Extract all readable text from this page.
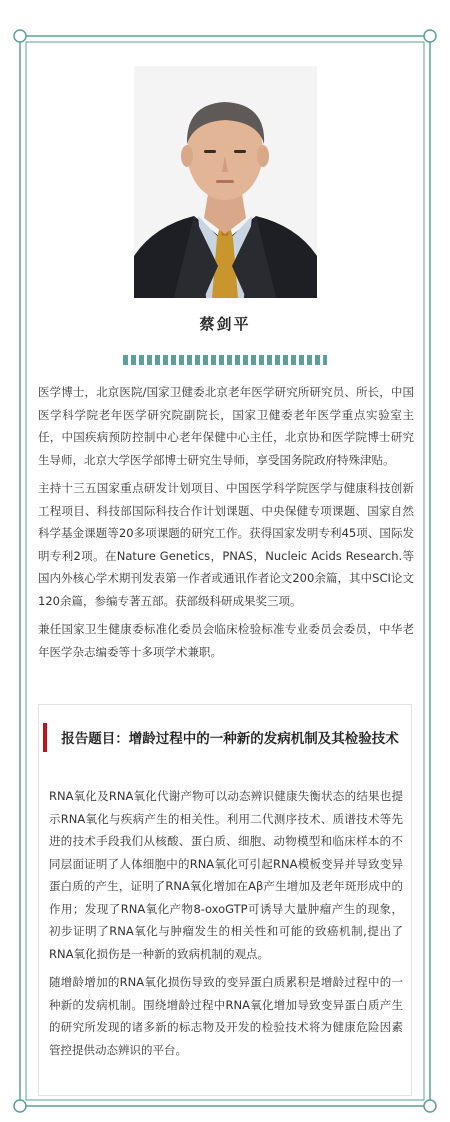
蔡剑平

医学博士，北京医院/国家卫健委北京老年医学研究所研究员、所长，中国医学科学院老年医学研究院副院长，国家卫健委老年医学重点实验室主任，中国疾病预防控制中心老年保健中心主任，北京协和医学院博士研究生导师，北京大学医学部博士研究生导师，享受国务院政府特殊津贴。

主持十三五国家重点研发计划项目、中国医学科学院医学与健康科技创新工程项目、科技部国际科技合作计划课题、中央保健专项课题、国家自然科学基金课题等20多项课题的研究工作。获得国家发明专利45项、国际发明专利2项。在Nature Genetics，PNAS，Nucleic Acids Research.等国内外核心学术期刊发表第一作者或通讯作者论文200余篇，其中SCI论文120余篇，参编专著五部。获部级科研成果奖三项。

兼任国家卫生健康委标准化委员会临床检验标准专业委员会委员，中华老年医学杂志编委等十多项学术兼职。

报告题目：增龄过程中的一种新的发病机制及其检验技术

RNA氧化及RNA氧化代谢产物可以动态辨识健康失衡状态的结果也提示RNA氧化与疾病产生的相关性。利用二代测序技术、质谱技术等先进的技术手段我们从核酸、蛋白质、细胞、动物模型和临床样本的不同层面证明了人体细胞中的RNA氧化可引起RNA模板变异并导致变异蛋白质的产生，证明了RNA氧化增加在Aβ产生增加及老年斑形成中的作用；发现了RNA氧化产物8-oxoGTP可诱导大量肿瘤产生的现象，初步证明了RNA氧化与肿瘤发生的相关性和可能的致癌机制,提出了RNA氧化损伤是一种新的致病机制的观点。

随增龄增加的RNA氧化损伤导致的变异蛋白质累积是增龄过程中的一种新的发病机制。围绕增龄过程中RNA氧化增加导致变异蛋白质产生的研究所发现的诸多新的标志物及开发的检验技术将为健康危险因素管控提供动态辨识的平台。
